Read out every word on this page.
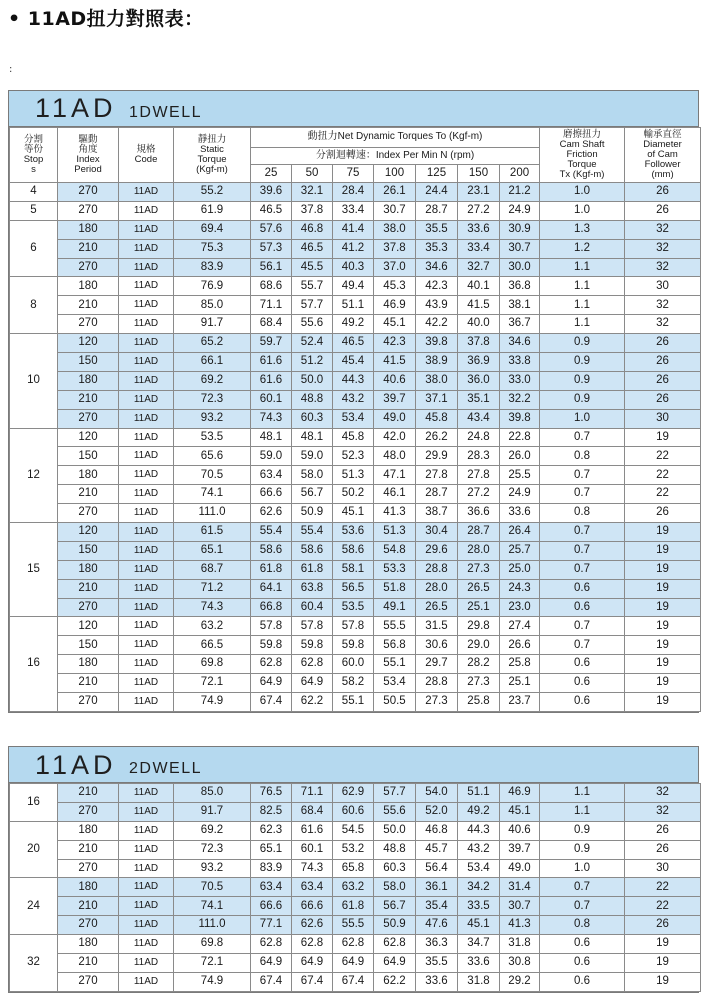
• 11AD扭力對照表：
:
11AD 1DWELL
分割
等份
Stop
s	驅動
角度
Index
Period	規格
Code	靜扭力
Static
Torque
(Kgf-m)	動扭力Net Dynamic Torques To (Kgf-m)							磨擦扭力
Cam Shaft
Friction
Torque
Tx (Kgf-m)	輸承直徑
Diameter
of Cam
Follower
(mm)
				分割迴轉速：Index Per Min N (rpm)								
				25	50	75	100	125	150	200		
4	270	11AD	55.2	39.6	32.1	28.4	26.1	24.4	23.1	21.2	1.0	26
5	270	11AD	61.9	46.5	37.8	33.4	30.7	28.7	27.2	24.9	1.0	26
6	180	11AD	69.4	57.6	46.8	41.4	38.0	35.5	33.6	30.9	1.3	32
	210	11AD	75.3	57.3	46.5	41.2	37.8	35.3	33.4	30.7	1.2	32
	270	11AD	83.9	56.1	45.5	40.3	37.0	34.6	32.7	30.0	1.1	32
8	180	11AD	76.9	68.6	55.7	49.4	45.3	42.3	40.1	36.8	1.1	30
	210	11AD	85.0	71.1	57.7	51.1	46.9	43.9	41.5	38.1	1.1	32
	270	11AD	91.7	68.4	55.6	49.2	45.1	42.2	40.0	36.7	1.1	32
10	120	11AD	65.2	59.7	52.4	46.5	42.3	39.8	37.8	34.6	0.9	26
	150	11AD	66.1	61.6	51.2	45.4	41.5	38.9	36.9	33.8	0.9	26
	180	11AD	69.2	61.6	50.0	44.3	40.6	38.0	36.0	33.0	0.9	26
	210	11AD	72.3	60.1	48.8	43.2	39.7	37.1	35.1	32.2	0.9	26
	270	11AD	93.2	74.3	60.3	53.4	49.0	45.8	43.4	39.8	1.0	30
12	120	11AD	53.5	48.1	48.1	45.8	42.0	26.2	24.8	22.8	0.7	19
	150	11AD	65.6	59.0	59.0	52.3	48.0	29.9	28.3	26.0	0.8	22
	180	11AD	70.5	63.4	58.0	51.3	47.1	27.8	27.8	25.5	0.7	22
	210	11AD	74.1	66.6	56.7	50.2	46.1	28.7	27.2	24.9	0.7	22
	270	11AD	111.0	62.6	50.9	45.1	41.3	38.7	36.6	33.6	0.8	26
15	120	11AD	61.5	55.4	55.4	53.6	51.3	30.4	28.7	26.4	0.7	19
	150	11AD	65.1	58.6	58.6	58.6	54.8	29.6	28.0	25.7	0.7	19
	180	11AD	68.7	61.8	61.8	58.1	53.3	28.8	27.3	25.0	0.7	19
	210	11AD	71.2	64.1	63.8	56.5	51.8	28.0	26.5	24.3	0.6	19
	270	11AD	74.3	66.8	60.4	53.5	49.1	26.5	25.1	23.0	0.6	19
16	120	11AD	63.2	57.8	57.8	57.8	55.5	31.5	29.8	27.4	0.7	19
	150	11AD	66.5	59.8	59.8	59.8	56.8	30.6	29.0	26.6	0.7	19
	180	11AD	69.8	62.8	62.8	60.0	55.1	29.7	28.2	25.8	0.6	19
	210	11AD	72.1	64.9	64.9	58.2	53.4	28.8	27.3	25.1	0.6	19
	270	11AD	74.9	67.4	62.2	55.1	50.5	27.3	25.8	23.7	0.6	19
11AD 2DWELL
16	210	11AD	85.0	76.5	71.1	62.9	57.7	54.0	51.1	46.9	1.1	32
	270	11AD	91.7	82.5	68.4	60.6	55.6	52.0	49.2	45.1	1.1	32
20	180	11AD	69.2	62.3	61.6	54.5	50.0	46.8	44.3	40.6	0.9	26
	210	11AD	72.3	65.1	60.1	53.2	48.8	45.7	43.2	39.7	0.9	26
	270	11AD	93.2	83.9	74.3	65.8	60.3	56.4	53.4	49.0	1.0	30
24	180	11AD	70.5	63.4	63.4	63.2	58.0	36.1	34.2	31.4	0.7	22
	210	11AD	74.1	66.6	66.6	61.8	56.7	35.4	33.5	30.7	0.7	22
	270	11AD	111.0	77.1	62.6	55.5	50.9	47.6	45.1	41.3	0.8	26
32	180	11AD	69.8	62.8	62.8	62.8	62.8	36.3	34.7	31.8	0.6	19
	210	11AD	72.1	64.9	64.9	64.9	64.9	35.5	33.6	30.8	0.6	19
	270	11AD	74.9	67.4	67.4	67.4	62.2	33.6	31.8	29.2	0.6	19
